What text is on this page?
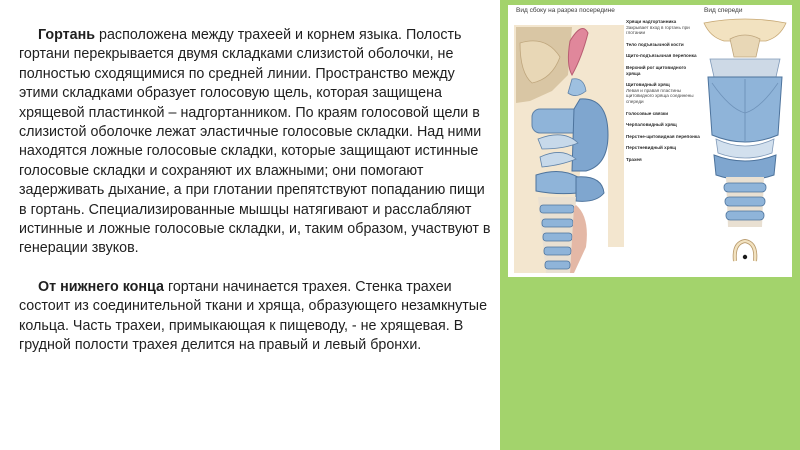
Гортань расположена между трахеей и корнем языка. Полость гортани перекрывается двумя складками слизистой оболочки, не полностью сходящимися по средней линии. Пространство между этими складками образует голосовую щель, которая защищена хрящевой пластинкой – надгортанником. По краям голосовой щели в слизистой оболочке лежат эластичные голосовые складки. Над ними находятся ложные голосовые складки, которые защищают истинные голосовые складки и сохраняют их влажными; они помогают задерживать дыхание, а при глотании препятствуют попаданию пищи в гортань. Специализированные мышцы натягивают и расслабляют истинные и ложные голосовые складки, и, таким образом, участвуют в генерации звуков.

От нижнего конца гортани начинается трахея. Стенка трахеи состоит из соединительной ткани и хряща, образующего незамкнутые кольца. Часть трахеи, примыкающая к пищеводу, - не хрящевая. В грудной полости трахея делится на правый и левый бронхи.

Вид сбоку на разрез посередине	Вид спереди
Хрящи надгортанника
Закрывает вход в гортань при глотании
Тело подъязычной кости
Щито-подъязычная перепонка
Верхний рог щитовидного хряща
Щитовидный хрящ
Левая и правая пластины щитовидного хряща соединены спереди
Голосовые связки
Черпаловидный хрящ
Перстне-щитовидная перепонка
Перстневидный хрящ
Трахея
